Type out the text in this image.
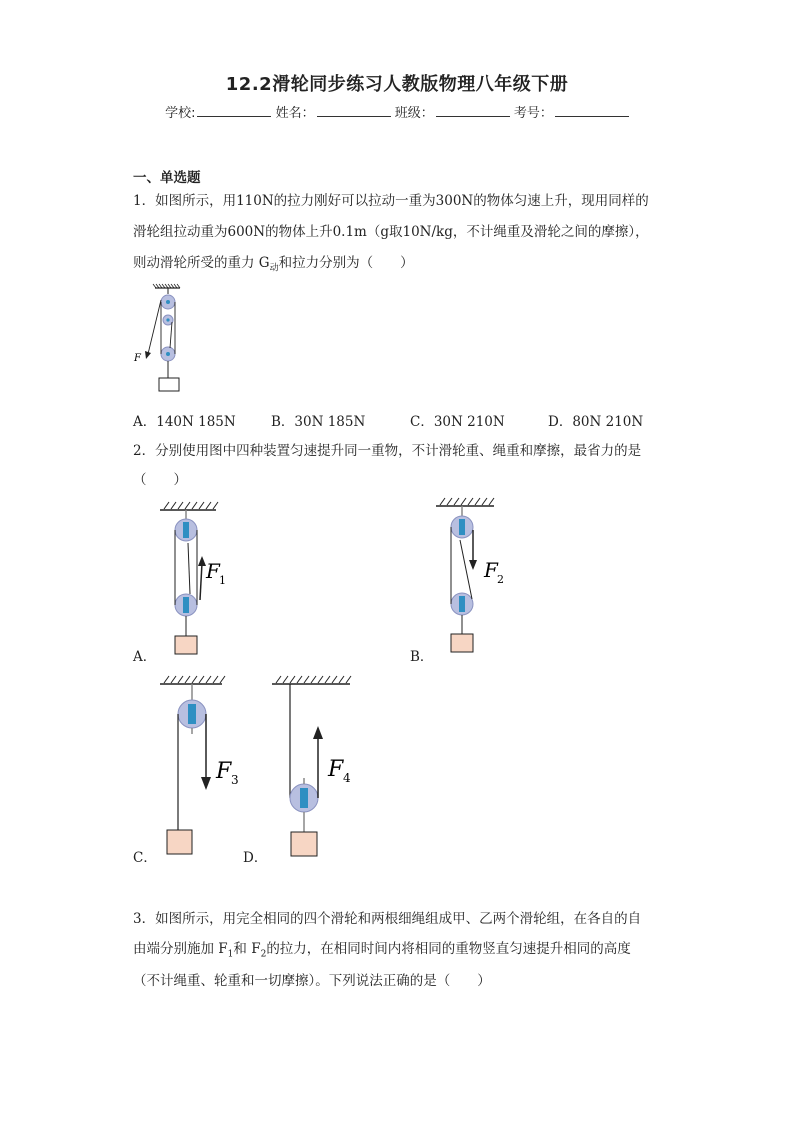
12.2滑轮同步练习人教版物理八年级下册
学校:	姓名：	班级：	考号：
一、单选题
1．如图所示，用110N的拉力刚好可以拉动一重为300N的物体匀速上升，现用同样的
滑轮组拉动重为600N的物体上升0.1m（g取10N/kg，不计绳重及滑轮之间的摩擦），
则动滑轮所受的重力 $G_动$和拉力分别为（　　）
F
A．140N 185N	B．30N 185N	C．30N 210N	D．80N 210N
2．分别使用图中四种装置匀速提升同一重物，不计滑轮重、绳重和摩擦，最省力的是
（　　）
F 1
A．
F 2
B．
F 3
C．
F 4
D．
3．如图所示，用完全相同的四个滑轮和两根细绳组成甲、乙两个滑轮组，在各自的自
由端分别施加 $F_1$和 $F_2$的拉力，在相同时间内将相同的重物竖直匀速提升相同的高度
（不计绳重、轮重和一切摩擦）。下列说法正确的是（　　）
